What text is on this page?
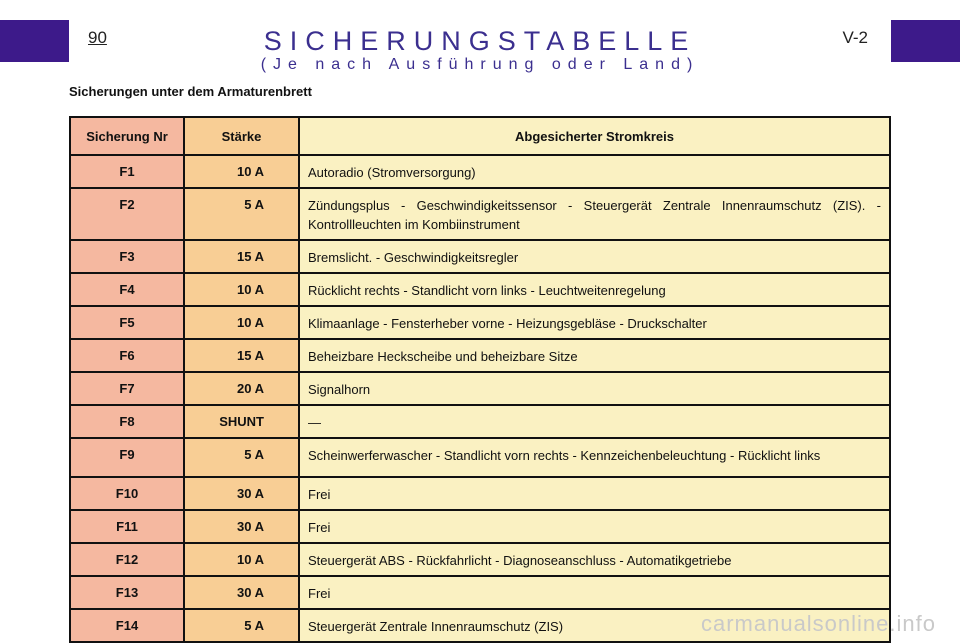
90	V-2
SICHERUNGSTABELLE
(Je nach Ausführung oder Land)
Sicherungen unter dem Armaturenbrett
Sicherung Nr	Stärke	Abgesicherter Stromkreis
F1	10 A	Autoradio (Stromversorgung)
F2	5 A	Zündungsplus - Geschwindigkeitssensor - Steuergerät Zentrale Innenraumschutz (ZIS). - Kontrollleuchten im Kombiinstrument
F3	15 A	Bremslicht. - Geschwindigkeitsregler
F4	10 A	Rücklicht rechts - Standlicht vorn links - Leuchtweitenregelung
F5	10 A	Klimaanlage - Fensterheber vorne - Heizungsgebläse - Druckschalter
F6	15 A	Beheizbare Heckscheibe und beheizbare Sitze
F7	20 A	Signalhorn
F8	SHUNT	—
F9	5 A	Scheinwerferwascher - Standlicht vorn rechts - Kennzeichenbeleuchtung - Rücklicht links
F10	30 A	Frei
F11	30 A	Frei
F12	10 A	Steuergerät ABS - Rückfahrlicht - Diagnoseanschluss - Automatikgetriebe
F13	30 A	Frei
F14	5 A	Steuergerät Zentrale Innenraumschutz (ZIS)	carmanualsonline.info
